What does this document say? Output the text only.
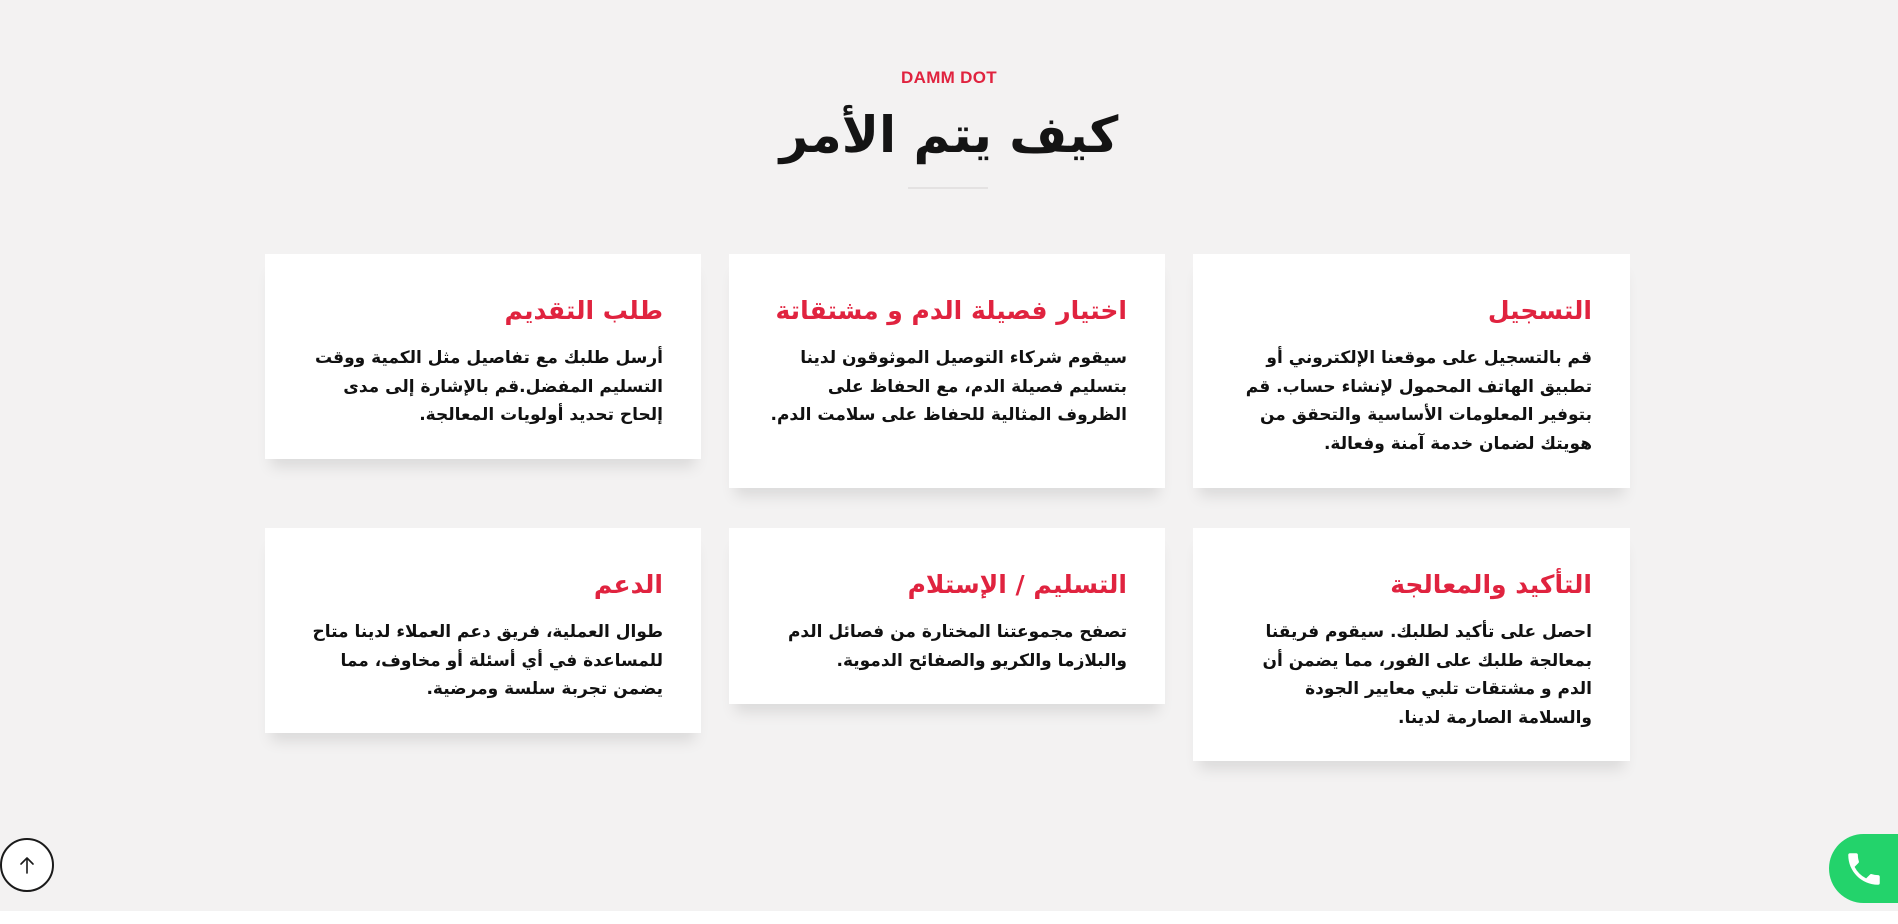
DAMM DOT
كيف يتم الأمر
التسجيل

قم بالتسجيل على موقعنا الإلكتروني أو تطبيق الهاتف المحمول لإنشاء حساب. قم بتوفير المعلومات الأساسية والتحقق من هويتك لضمان خدمة آمنة وفعالة.

اختيار فصيلة الدم و مشتقاتة

سيقوم شركاء التوصيل الموثوقون لدينا بتسليم فصيلة الدم، مع الحفاظ على الظروف المثالية للحفاظ على سلامت الدم.

طلب التقديم

أرسل طلبك مع تفاصيل مثل الكمية ووقت التسليم المفضل.قم بالإشارة إلى مدى إلحاح تحديد أولويات المعالجة.

التأكيد والمعالجة

احصل على تأكيد لطلبك. سيقوم فريقنا بمعالجة طلبك على الفور، مما يضمن أن الدم و مشتقات تلبي معايير الجودة والسلامة الصارمة لدينا.

التسليم / الإستلام

تصفح مجموعتنا المختارة من فصائل الدم والبلازما والكريو والصفائح الدموية.

الدعم

طوال العملية، فريق دعم العملاء لدينا متاح للمساعدة في أي أسئلة أو مخاوف، مما يضمن تجربة سلسة ومرضية.
